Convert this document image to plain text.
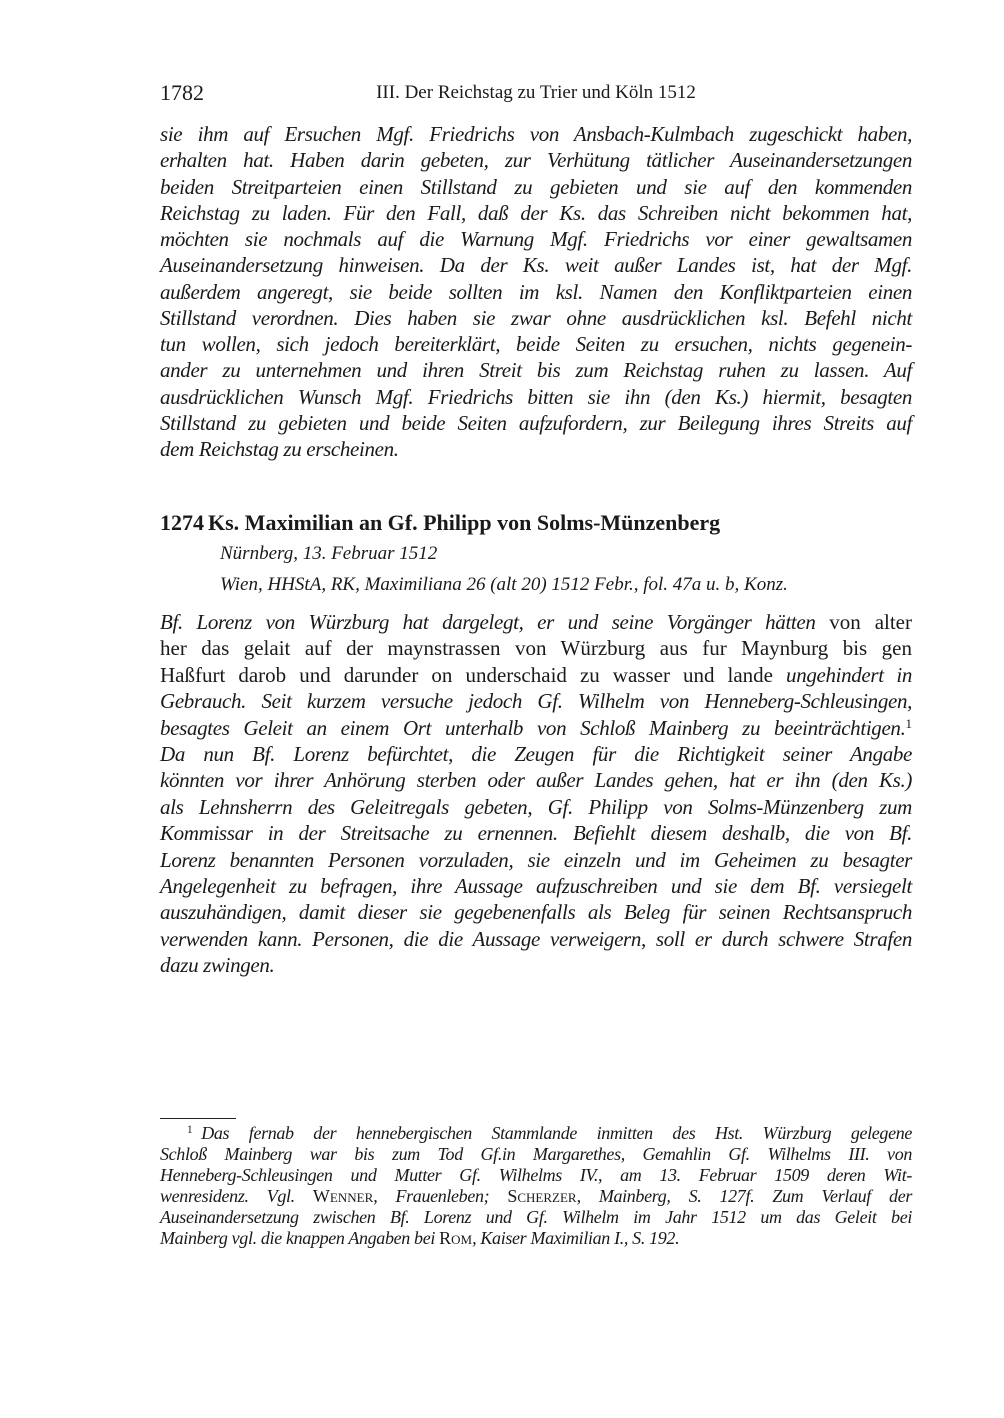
1782	III. Der Reichstag zu Trier und Köln 1512
sie ihm auf Ersuchen Mgf. Friedrichs von Ansbach-Kulmbach zugeschickt haben,
erhalten hat. Haben darin gebeten, zur Verhütung tätlicher Auseinandersetzungen
beiden Streitparteien einen Stillstand zu gebieten und sie auf den kommenden
Reichstag zu laden. Für den Fall, daß der Ks. das Schreiben nicht bekommen hat,
möchten sie nochmals auf die Warnung Mgf. Friedrichs vor einer gewaltsamen
Auseinandersetzung hinweisen. Da der Ks. weit außer Landes ist, hat der Mgf.
außerdem angeregt, sie beide sollten im ksl. Namen den Konfliktparteien einen
Stillstand verordnen. Dies haben sie zwar ohne ausdrücklichen ksl. Befehl nicht
tun wollen, sich jedoch bereiterklärt, beide Seiten zu ersuchen, nichts gegenein-
ander zu unternehmen und ihren Streit bis zum Reichstag ruhen zu lassen. Auf
ausdrücklichen Wunsch Mgf. Friedrichs bitten sie ihn (den Ks.) hiermit, besagten
Stillstand zu gebieten und beide Seiten aufzufordern, zur Beilegung ihres Streits auf
dem Reichstag zu erscheinen.
1274 Ks. Maximilian an Gf. Philipp von Solms-Münzenberg
Nürnberg, 13. Februar 1512
Wien, HHStA, RK, Maximiliana 26 (alt 20) 1512 Febr., fol. 47a u. b, Konz.
Bf. Lorenz von Würzburg hat dargelegt, er und seine Vorgänger hätten von alter
her das gelait auf der maynstrassen von Würzburg aus fur Maynburg bis gen
Haßfurt darob und darunder on underschaid zu wasser und lande ungehindert in
Gebrauch. Seit kurzem versuche jedoch Gf. Wilhelm von Henneberg-Schleusingen,
besagtes Geleit an einem Ort unterhalb von Schloß Mainberg zu beeinträchtigen.$^1$
Da nun Bf. Lorenz befürchtet, die Zeugen für die Richtigkeit seiner Angabe
könnten vor ihrer Anhörung sterben oder außer Landes gehen, hat er ihn (den Ks.)
als Lehnsherrn des Geleitregals gebeten, Gf. Philipp von Solms-Münzenberg zum
Kommissar in der Streitsache zu ernennen. Befiehlt diesem deshalb, die von Bf.
Lorenz benannten Personen vorzuladen, sie einzeln und im Geheimen zu besagter
Angelegenheit zu befragen, ihre Aussage aufzuschreiben und sie dem Bf. versiegelt
auszuhändigen, damit dieser sie gegebenenfalls als Beleg für seinen Rechtsanspruch
verwenden kann. Personen, die die Aussage verweigern, soll er durch schwere Strafen
dazu zwingen.
  $^1$ Das fernab der hennebergischen Stammlande inmitten des Hst. Würzburg gelegene
Schloß Mainberg war bis zum Tod Gf.in Margarethes, Gemahlin Gf. Wilhelms III. von
Henneberg-Schleusingen und Mutter Gf. Wilhelms IV., am 13. Februar 1509 deren Wit-
wenresidenz. Vgl. Wenner, Frauenleben; Scherzer, Mainberg, S. 127f. Zum Verlauf der
Auseinandersetzung zwischen Bf. Lorenz und Gf. Wilhelm im Jahr 1512 um das Geleit bei
Mainberg vgl. die knappen Angaben bei Rom, Kaiser Maximilian I., S. 192.
